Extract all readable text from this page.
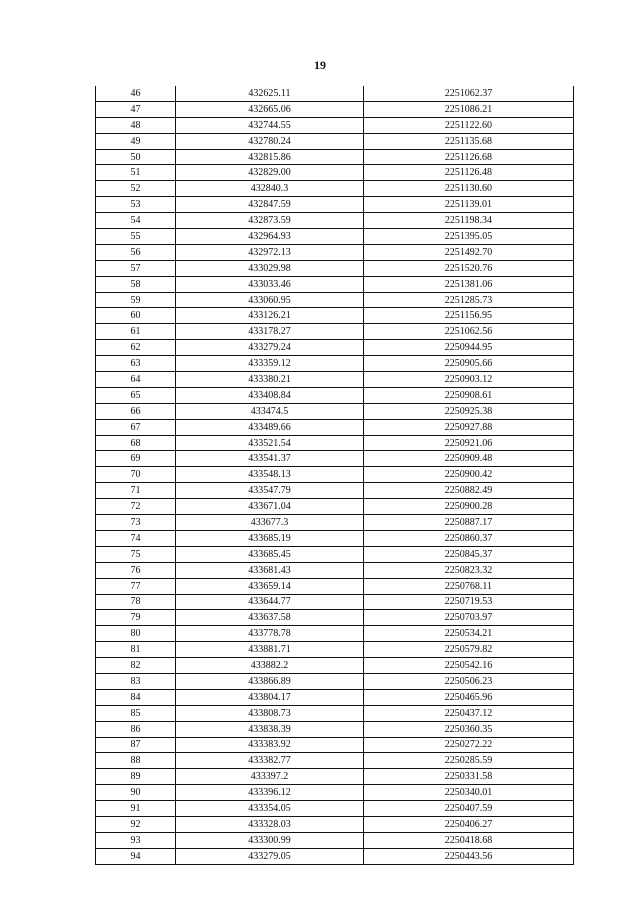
19
46	432625.11	2251062.37
47	432665.06	2251086.21
48	432744.55	2251122.60
49	432780.24	2251135.68
50	432815.86	2251126.68
51	432829.00	2251126.48
52	432840.3	2251130.60
53	432847.59	2251139.01
54	432873.59	2251198.34
55	432964.93	2251395.05
56	432972.13	2251492.70
57	433029.98	2251520.76
58	433033.46	2251381.06
59	433060.95	2251285.73
60	433126.21	2251156.95
61	433178.27	2251062.56
62	433279.24	2250944.95
63	433359.12	2250905.66
64	433380.21	2250903.12
65	433408.84	2250908.61
66	433474.5	2250925.38
67	433489.66	2250927.88
68	433521.54	2250921.06
69	433541.37	2250909.48
70	433548.13	2250900.42
71	433547.79	2250882.49
72	433671.04	2250900.28
73	433677.3	2250887.17
74	433685.19	2250860.37
75	433685.45	2250845.37
76	433681.43	2250823.32
77	433659.14	2250768.11
78	433644.77	2250719.53
79	433637.58	2250703.97
80	433778.78	2250534.21
81	433881.71	2250579.82
82	433882.2	2250542.16
83	433866.89	2250506.23
84	433804.17	2250465.96
85	433808.73	2250437.12
86	433838.39	2250360.35
87	433383.92	2250272.22
88	433382.77	2250285.59
89	433397.2	2250331.58
90	433396.12	2250340.01
91	433354.05	2250407.59
92	433328.03	2250406.27
93	433300.99	2250418.68
94	433279.05	2250443.56
